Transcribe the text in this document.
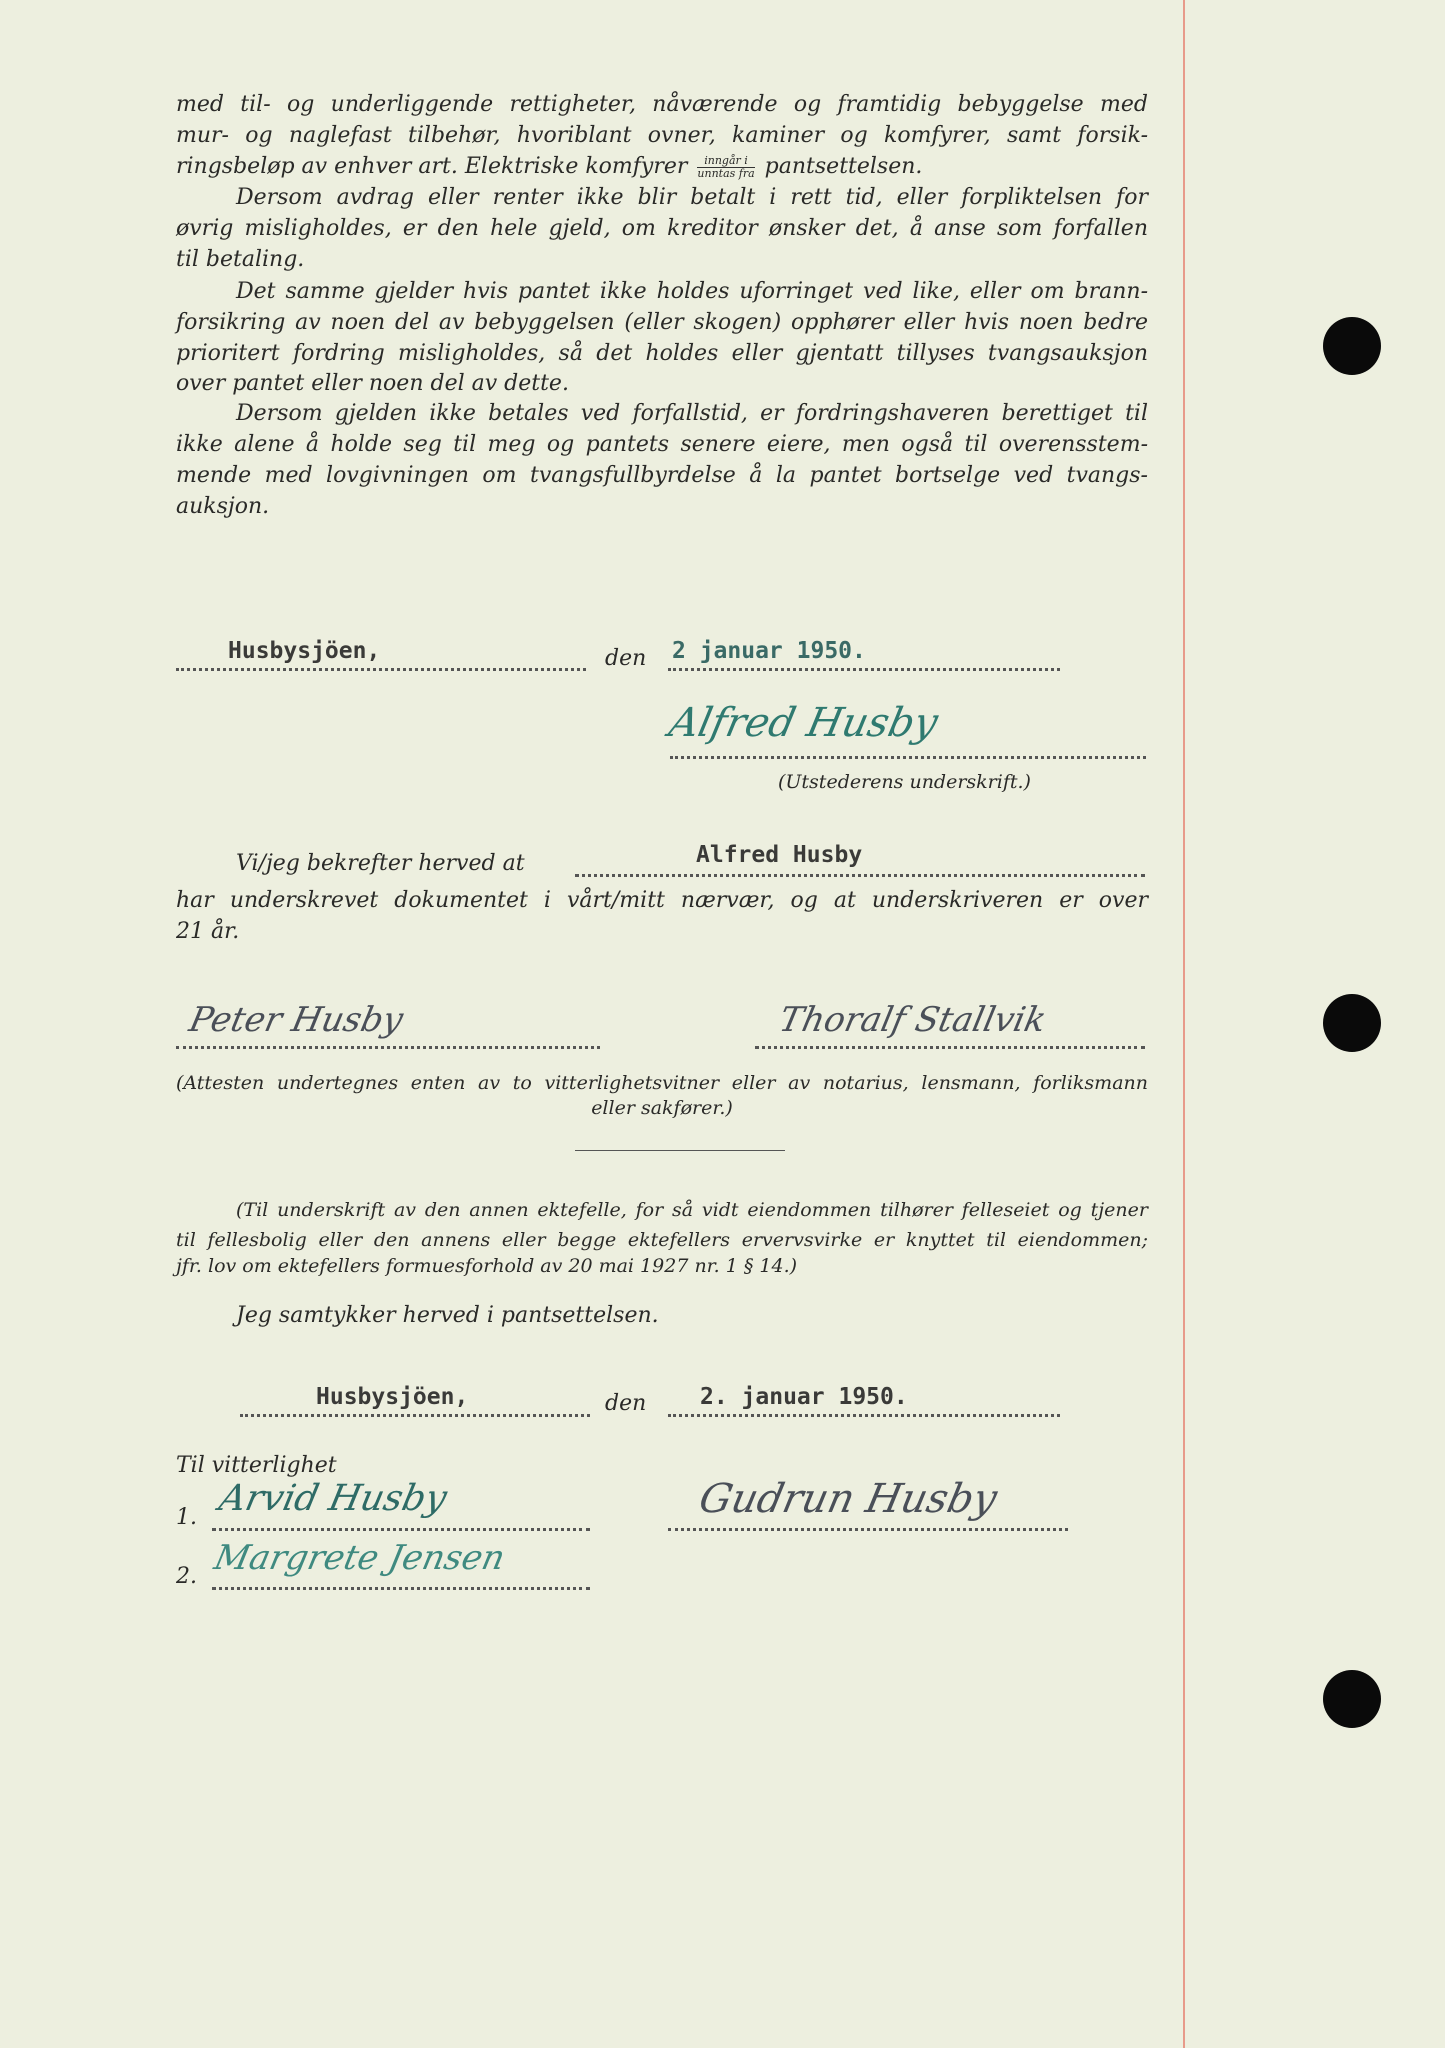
med til- og underliggende rettigheter, nåværende og framtidig bebyggelse med
mur- og naglefast tilbehør, hvoriblant ovner, kaminer og komfyrer, samt forsik-
ringsbeløp av enhver art. Elektriske komfyrer $\frac{\text{inngår i}}{\text{unntas fra}}$ pantsettelsen.
Dersom avdrag eller renter ikke blir betalt i rett tid, eller forpliktelsen for
øvrig misligholdes, er den hele gjeld, om kreditor ønsker det, å anse som forfallen
til betaling.
Det samme gjelder hvis pantet ikke holdes uforringet ved like, eller om brann-
forsikring av noen del av bebyggelsen (eller skogen) opphører eller hvis noen bedre
prioritert fordring misligholdes, så det holdes eller gjentatt tillyses tvangsauksjon
over pantet eller noen del av dette.
Dersom gjelden ikke betales ved forfallstid, er fordringshaveren berettiget til
ikke alene å holde seg til meg og pantets senere eiere, men også til overensstem-
mende med lovgivningen om tvangsfullbyrdelse å la pantet bortselge ved tvangs-
auksjon.
Husbysjöen,	den	2 januar 1950.
Alfred Husby
(Utstederens underskrift.)
Vi/jeg bekrefter herved at	Alfred Husby
har underskrevet dokumentet i vårt/mitt nærvær, og at underskriveren er over
21 år.
Peter Husby	Thoralf Stallvik
(Attesten undertegnes enten av to vitterlighetsvitner eller av notarius, lensmann, forliksmann
eller sakfører.)
(Til underskrift av den annen ektefelle, for så vidt eiendommen tilhører felleseiet og tjener
til fellesbolig eller den annens eller begge ektefellers ervervsvirke er knyttet til eiendommen;
jfr. lov om ektefellers formuesforhold av 20 mai 1927 nr. 1 § 14.)
Jeg samtykker herved i pantsettelsen.
Husbysjöen,	den	2. januar 1950.
Til vitterlighet
1. Arvid Husby
2. Margrete Jensen
Gudrun Husby
